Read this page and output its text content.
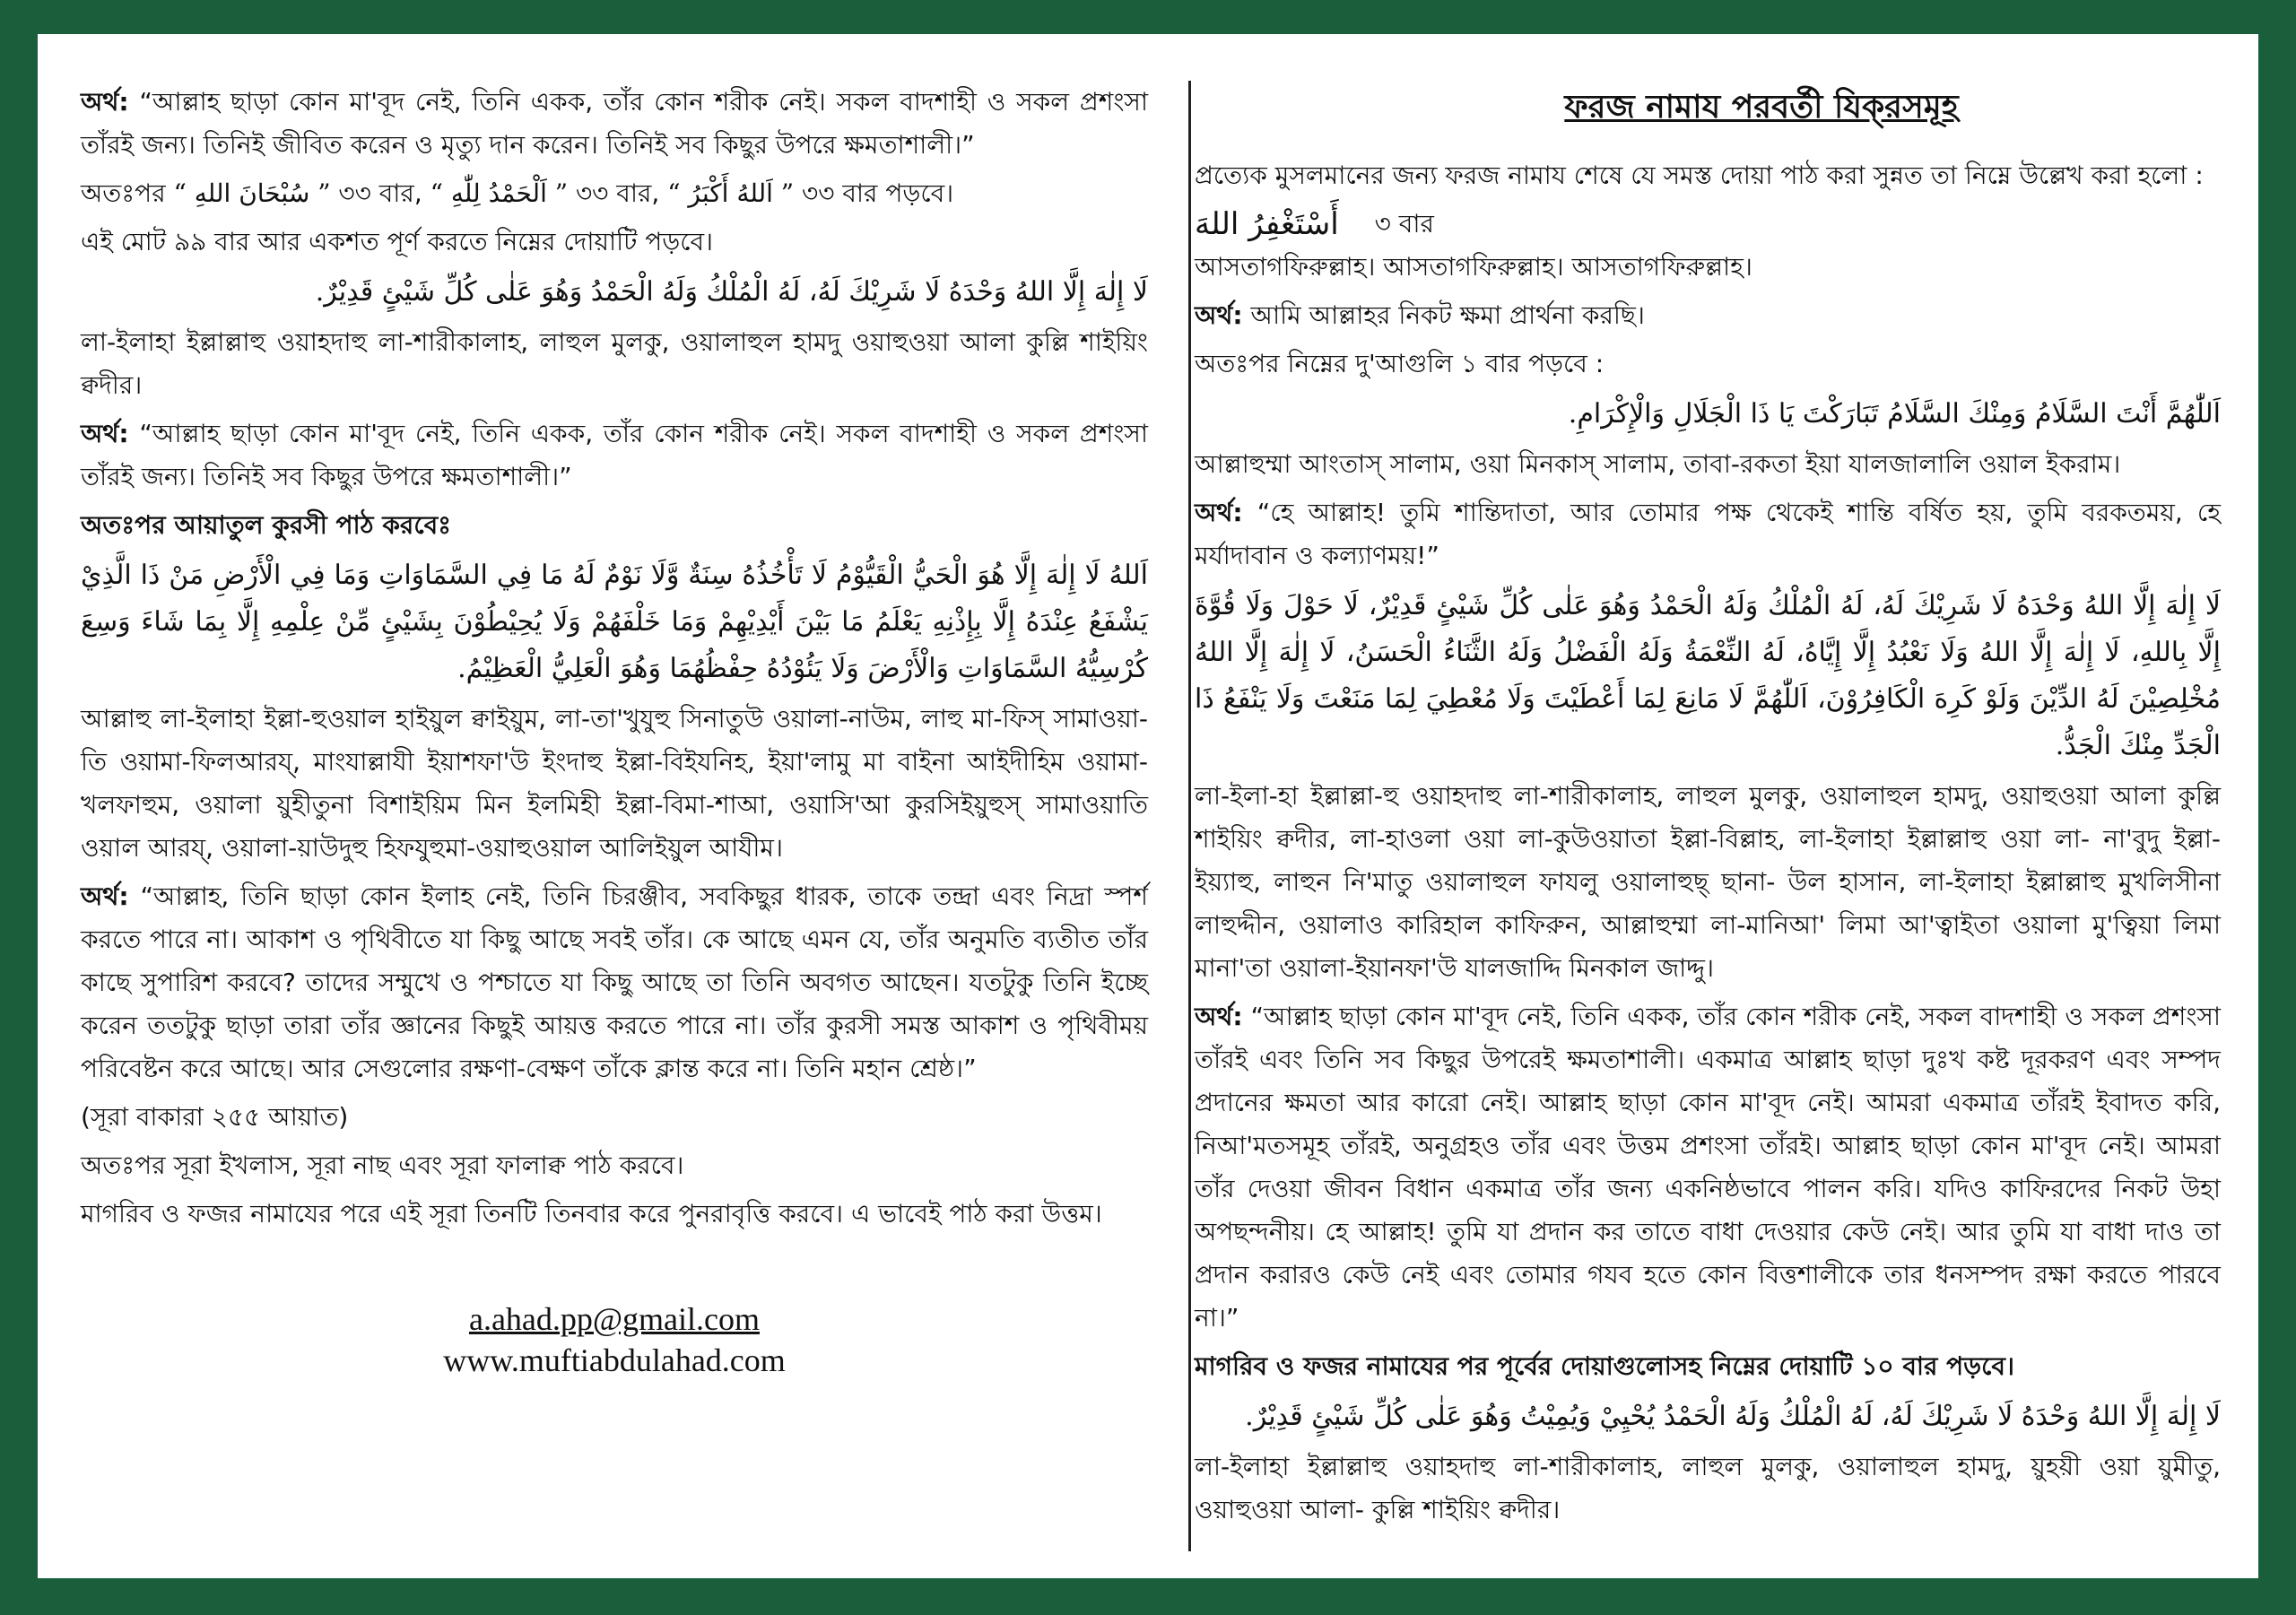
অর্থ: “আল্লাহ ছাড়া কোন মা'বূদ নেই, তিনি একক, তাঁর কোন শরীক নেই। সকল বাদশাহী ও সকল প্রশংসা তাঁরই জন্য। তিনিই জীবিত করেন ও মৃত্যু দান করেন। তিনিই সব কিছুর উপরে ক্ষমতাশালী।”

অতঃপর “ سُبْحَانَ اللهِ ” ৩৩ বার, “ اَلْحَمْدُ لِلّٰهِ ” ৩৩ বার, “ اَللهُ أَكْبَرُ ” ৩৩ বার পড়বে।

এই মোট ৯৯ বার আর একশত পূর্ণ করতে নিম্নের দোয়াটি পড়বে।

لَا إِلٰهَ إِلَّا اللهُ وَحْدَهُ لَا شَرِيْكَ لَهُ، لَهُ الْمُلْكُ وَلَهُ الْحَمْدُ وَهُوَ عَلٰى كُلِّ شَيْئٍ قَدِيْرٌ.

লা-ইলাহা ইল্লাল্লাহু ওয়াহদাহু লা-শারীকালাহ, লাহুল মুলকু, ওয়ালাহুল হামদু ওয়াহুওয়া আলা কুল্লি শাইয়িং ক্বদীর।

অর্থ: “আল্লাহ ছাড়া কোন মা'বূদ নেই, তিনি একক, তাঁর কোন শরীক নেই। সকল বাদশাহী ও সকল প্রশংসা তাঁরই জন্য। তিনিই সব কিছুর উপরে ক্ষমতাশালী।”

অতঃপর আয়াতুল কুরসী পাঠ করবেঃ

اَللهُ لَا إِلٰهَ إِلَّا هُوَ الْحَيُّ الْقَيُّوْمُ لَا تَأْخُذُهُ سِنَةٌ وَّلَا نَوْمٌ لَهُ مَا فِي السَّمَاوَاتِ وَمَا فِي الْأَرْضِ مَنْ ذَا الَّذِيْ يَشْفَعُ عِنْدَهُ إِلَّا بِإِذْنِهِ يَعْلَمُ مَا بَيْنَ أَيْدِيْهِمْ وَمَا خَلْفَهُمْ وَلَا يُحِيْطُوْنَ بِشَيْئٍ مِّنْ عِلْمِهِ إِلَّا بِمَا شَاءَ وَسِعَ كُرْسِيُّهُ السَّمَاوَاتِ وَالْأَرْضَ وَلَا يَئُوْدُهُ حِفْظُهُمَا وَهُوَ الْعَلِيُّ الْعَظِيْمُ.

আল্লাহু লা-ইলাহা ইল্লা-হুওয়াল হাইয়ুল ক্বাইয়ুম, লা-তা'খুযুহু সিনাতুউ ওয়ালা-নাউম, লাহু মা-ফিস্ সামাওয়া-তি ওয়ামা-ফিলআরয্, মাংযাল্লাযী ইয়াশফা'উ ইংদাহু ইল্লা-বিইযনিহ, ইয়া'লামু মা বাইনা আইদীহিম ওয়ামা- খলফাহুম, ওয়ালা য়ুহীতুনা বিশাইয়িম মিন ইলমিহী ইল্লা-বিমা-শাআ, ওয়াসি'আ কুরসিইয়ুহুস্ সামাওয়াতি ওয়াল আরয্, ওয়ালা-য়াউদুহু হিফযুহুমা-ওয়াহুওয়াল আলিইয়ুল আযীম।

অর্থ: “আল্লাহ, তিনি ছাড়া কোন ইলাহ নেই, তিনি চিরঞ্জীব, সবকিছুর ধারক, তাকে তন্দ্রা এবং নিদ্রা স্পর্শ করতে পারে না। আকাশ ও পৃথিবীতে যা কিছু আছে সবই তাঁর। কে আছে এমন যে, তাঁর অনুমতি ব্যতীত তাঁর কাছে সুপারিশ করবে? তাদের সম্মুখে ও পশ্চাতে যা কিছু আছে তা তিনি অবগত আছেন। যতটুকু তিনি ইচ্ছে করেন ততটুকু ছাড়া তারা তাঁর জ্ঞানের কিছুই আয়ত্ত করতে পারে না। তাঁর কুরসী সমস্ত আকাশ ও পৃথিবীময় পরিবেষ্টন করে আছে। আর সেগুলোর রক্ষণা-বেক্ষণ তাঁকে ক্লান্ত করে না। তিনি মহান শ্রেষ্ঠ।”

(সূরা বাকারা ২৫৫ আয়াত)

অতঃপর সূরা ইখলাস, সূরা নাছ এবং সূরা ফালাক্ব পাঠ করবে।

মাগরিব ও ফজর নামাযের পরে এই সূরা তিনটি তিনবার করে পুনরাবৃত্তি করবে। এ ভাবেই পাঠ করা উত্তম।

a.ahad.pp@gmail.com
www.muftiabdulahad.com
ফরজ নামায পরবর্তী যিক্‌রসমূহ

প্রত্যেক মুসলমানের জন্য ফরজ নামায শেষে যে সমস্ত দোয়া পাঠ করা সুন্নত তা নিম্নে উল্লেখ করা হলো :

أَسْتَغْفِرُ اللهَ ৩ বার

আসতাগফিরুল্লাহ। আসতাগফিরুল্লাহ। আসতাগফিরুল্লাহ।

অর্থ: আমি আল্লাহর নিকট ক্ষমা প্রার্থনা করছি।

অতঃপর নিম্নের দু'আগুলি ১ বার পড়বে :

اَللّٰهُمَّ أَنْتَ السَّلَامُ وَمِنْكَ السَّلَامُ تَبَارَكْتَ يَا ذَا الْجَلَالِ وَالْإِكْرَامِ.

আল্লাহুম্মা আংতাস্ সালাম, ওয়া মিনকাস্ সালাম, তাবা-রকতা ইয়া যালজালালি ওয়াল ইকরাম।

অর্থ: “হে আল্লাহ! তুমি শান্তিদাতা, আর তোমার পক্ষ থেকেই শান্তি বর্ষিত হয়, তুমি বরকতময়, হে মর্যাদাবান ও কল্যাণময়!”

لَا إِلٰهَ إِلَّا اللهُ وَحْدَهُ لَا شَرِيْكَ لَهُ، لَهُ الْمُلْكُ وَلَهُ الْحَمْدُ وَهُوَ عَلٰى كُلِّ شَيْئٍ قَدِيْرٌ، لَا حَوْلَ وَلَا قُوَّةَ إِلَّا بِاللهِ، لَا إِلٰهَ إِلَّا اللهُ وَلَا نَعْبُدُ إِلَّا إِيَّاهُ، لَهُ النِّعْمَةُ وَلَهُ الْفَضْلُ وَلَهُ الثَّنَاءُ الْحَسَنُ، لَا إِلٰهَ إِلَّا اللهُ مُخْلِصِيْنَ لَهُ الدِّيْنَ وَلَوْ كَرِهَ الْكَافِرُوْنَ، اَللّٰهُمَّ لَا مَانِعَ لِمَا أَعْطَيْتَ وَلَا مُعْطِيَ لِمَا مَنَعْتَ وَلَا يَنْفَعُ ذَا الْجَدِّ مِنْكَ الْجَدُّ.

লা-ইলা-হা ইল্লাল্লা-হু ওয়াহদাহু লা-শারীকালাহ, লাহুল মুলকু, ওয়ালাহুল হামদু, ওয়াহুওয়া আলা কুল্লি শাইয়িং ক্বদীর, লা-হাওলা ওয়া লা-কুউওয়াতা ইল্লা-বিল্লাহ, লা-ইলাহা ইল্লাল্লাহু ওয়া লা- না'বুদু ইল্লা- ইয়্যাহু, লাহুন নি'মাতু ওয়ালাহুল ফাযলু ওয়ালাহুছ্ ছানা- উল হাসান, লা-ইলাহা ইল্লাল্লাহু মুখলিসীনা লাহুদ্দীন, ওয়ালাও কারিহাল কাফিরুন, আল্লাহুম্মা লা-মানিআ' লিমা আ'ত্বাইতা ওয়ালা মু'ত্বিয়া লিমা মানা'তা ওয়ালা-ইয়ানফা'উ যালজাদ্দি মিনকাল জাদ্দু।

অর্থ: “আল্লাহ ছাড়া কোন মা'বূদ নেই, তিনি একক, তাঁর কোন শরীক নেই, সকল বাদশাহী ও সকল প্রশংসা তাঁরই এবং তিনি সব কিছুর উপরেই ক্ষমতাশালী। একমাত্র আল্লাহ ছাড়া দুঃখ কষ্ট দূরকরণ এবং সম্পদ প্রদানের ক্ষমতা আর কারো নেই। আল্লাহ ছাড়া কোন মা'বূদ নেই। আমরা একমাত্র তাঁরই ইবাদত করি, নিআ'মতসমূহ তাঁরই, অনুগ্রহও তাঁর এবং উত্তম প্রশংসা তাঁরই। আল্লাহ ছাড়া কোন মা'বূদ নেই। আমরা তাঁর দেওয়া জীবন বিধান একমাত্র তাঁর জন্য একনিষ্ঠভাবে পালন করি। যদিও কাফিরদের নিকট উহা অপছন্দনীয়। হে আল্লাহ! তুমি যা প্রদান কর তাতে বাধা দেওয়ার কেউ নেই। আর তুমি যা বাধা দাও তা প্রদান করারও কেউ নেই এবং তোমার গযব হতে কোন বিত্তশালীকে তার ধনসম্পদ রক্ষা করতে পারবে না।”

মাগরিব ও ফজর নামাযের পর পূর্বের দোয়াগুলোসহ নিম্নের দোয়াটি ১০ বার পড়বে।

لَا إِلٰهَ إِلَّا اللهُ وَحْدَهُ لَا شَرِيْكَ لَهُ، لَهُ الْمُلْكُ وَلَهُ الْحَمْدُ يُحْيِيْ وَيُمِيْتُ وَهُوَ عَلٰى كُلِّ شَيْئٍ قَدِيْرٌ.

লা-ইলাহা ইল্লাল্লাহু ওয়াহদাহু লা-শারীকালাহ, লাহুল মুলকু, ওয়ালাহুল হামদু, য়ুহয়ী ওয়া য়ুমীতু, ওয়াহুওয়া আলা- কুল্লি শাইয়িং ক্বদীর।
